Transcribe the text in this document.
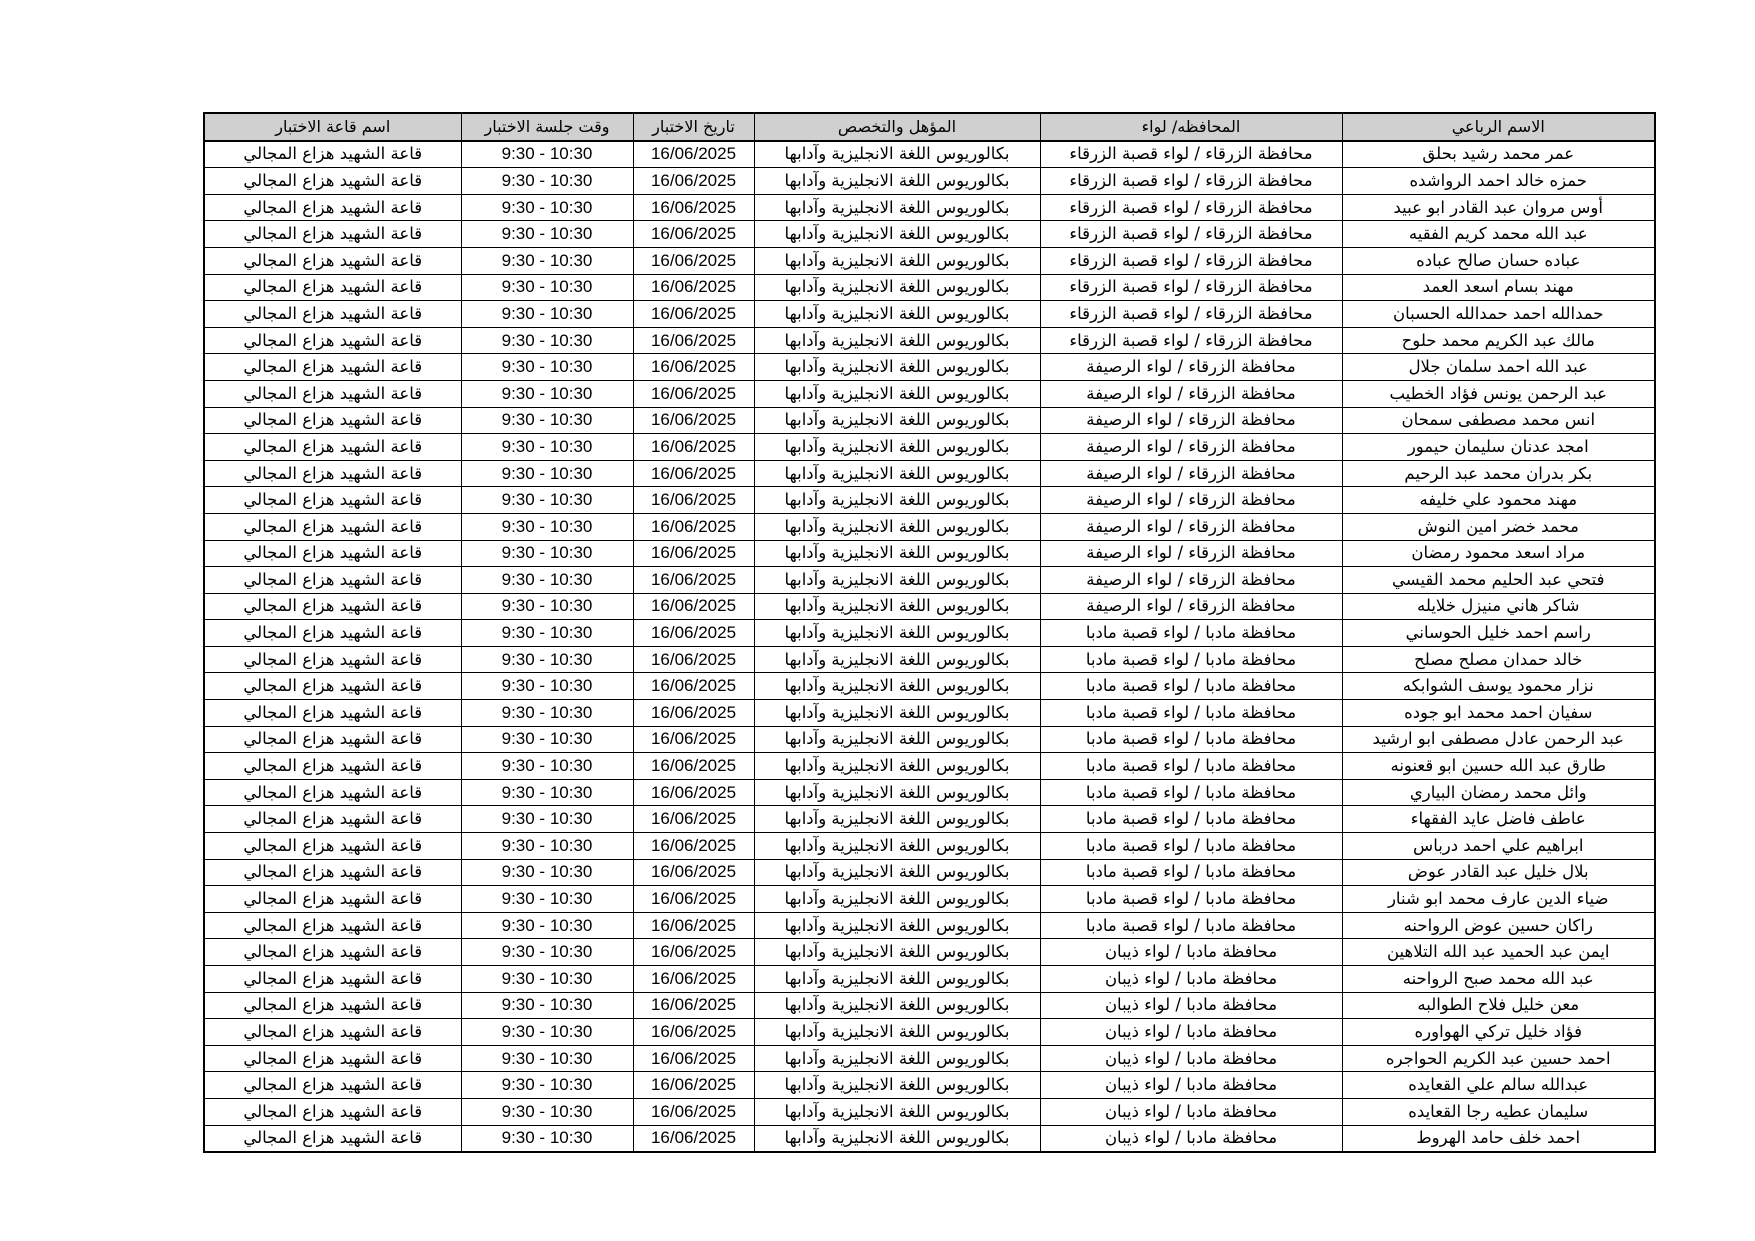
الاسم الرباعي	المحافظه/ لواء	المؤهل والتخصص	تاريخ الاختبار	وقت جلسة الاختبار	اسم قاعة الاختبار
عمر محمد رشيد بحلق	محافظة الزرقاء / لواء قصبة الزرقاء	بكالوريوس اللغة الانجليزية وآدابها	16/06/2025	9:30 - 10:30	قاعة الشهيد هزاع المجالي
حمزه خالد احمد الرواشده	محافظة الزرقاء / لواء قصبة الزرقاء	بكالوريوس اللغة الانجليزية وآدابها	16/06/2025	9:30 - 10:30	قاعة الشهيد هزاع المجالي
أوس مروان عبد القادر ابو عبيد	محافظة الزرقاء / لواء قصبة الزرقاء	بكالوريوس اللغة الانجليزية وآدابها	16/06/2025	9:30 - 10:30	قاعة الشهيد هزاع المجالي
عبد الله محمد كريم الفقيه	محافظة الزرقاء / لواء قصبة الزرقاء	بكالوريوس اللغة الانجليزية وآدابها	16/06/2025	9:30 - 10:30	قاعة الشهيد هزاع المجالي
عباده حسان صالح عباده	محافظة الزرقاء / لواء قصبة الزرقاء	بكالوريوس اللغة الانجليزية وآدابها	16/06/2025	9:30 - 10:30	قاعة الشهيد هزاع المجالي
مهند بسام اسعد العمد	محافظة الزرقاء / لواء قصبة الزرقاء	بكالوريوس اللغة الانجليزية وآدابها	16/06/2025	9:30 - 10:30	قاعة الشهيد هزاع المجالي
حمدالله احمد حمدالله الحسبان	محافظة الزرقاء / لواء قصبة الزرقاء	بكالوريوس اللغة الانجليزية وآدابها	16/06/2025	9:30 - 10:30	قاعة الشهيد هزاع المجالي
مالك عبد الكريم محمد حلوح	محافظة الزرقاء / لواء قصبة الزرقاء	بكالوريوس اللغة الانجليزية وآدابها	16/06/2025	9:30 - 10:30	قاعة الشهيد هزاع المجالي
عبد الله احمد سلمان جلال	محافظة الزرقاء / لواء الرصيفة	بكالوريوس اللغة الانجليزية وآدابها	16/06/2025	9:30 - 10:30	قاعة الشهيد هزاع المجالي
عبد الرحمن يونس فؤاد الخطيب	محافظة الزرقاء / لواء الرصيفة	بكالوريوس اللغة الانجليزية وآدابها	16/06/2025	9:30 - 10:30	قاعة الشهيد هزاع المجالي
انس محمد مصطفى سمحان	محافظة الزرقاء / لواء الرصيفة	بكالوريوس اللغة الانجليزية وآدابها	16/06/2025	9:30 - 10:30	قاعة الشهيد هزاع المجالي
امجد عدنان سليمان حيمور	محافظة الزرقاء / لواء الرصيفة	بكالوريوس اللغة الانجليزية وآدابها	16/06/2025	9:30 - 10:30	قاعة الشهيد هزاع المجالي
بكر بدران محمد عبد الرحيم	محافظة الزرقاء / لواء الرصيفة	بكالوريوس اللغة الانجليزية وآدابها	16/06/2025	9:30 - 10:30	قاعة الشهيد هزاع المجالي
مهند محمود علي خليفه	محافظة الزرقاء / لواء الرصيفة	بكالوريوس اللغة الانجليزية وآدابها	16/06/2025	9:30 - 10:30	قاعة الشهيد هزاع المجالي
محمد خضر امين النوش	محافظة الزرقاء / لواء الرصيفة	بكالوريوس اللغة الانجليزية وآدابها	16/06/2025	9:30 - 10:30	قاعة الشهيد هزاع المجالي
مراد اسعد محمود رمضان	محافظة الزرقاء / لواء الرصيفة	بكالوريوس اللغة الانجليزية وآدابها	16/06/2025	9:30 - 10:30	قاعة الشهيد هزاع المجالي
فتحي عبد الحليم محمد القيسي	محافظة الزرقاء / لواء الرصيفة	بكالوريوس اللغة الانجليزية وآدابها	16/06/2025	9:30 - 10:30	قاعة الشهيد هزاع المجالي
شاكر هاني منيزل خلايله	محافظة الزرقاء / لواء الرصيفة	بكالوريوس اللغة الانجليزية وآدابها	16/06/2025	9:30 - 10:30	قاعة الشهيد هزاع المجالي
راسم احمد خليل الحوساني	محافظة مادبا / لواء قصبة مادبا	بكالوريوس اللغة الانجليزية وآدابها	16/06/2025	9:30 - 10:30	قاعة الشهيد هزاع المجالي
خالد حمدان مصلح مصلح	محافظة مادبا / لواء قصبة مادبا	بكالوريوس اللغة الانجليزية وآدابها	16/06/2025	9:30 - 10:30	قاعة الشهيد هزاع المجالي
نزار محمود يوسف الشوابكه	محافظة مادبا / لواء قصبة مادبا	بكالوريوس اللغة الانجليزية وآدابها	16/06/2025	9:30 - 10:30	قاعة الشهيد هزاع المجالي
سفيان احمد محمد ابو جوده	محافظة مادبا / لواء قصبة مادبا	بكالوريوس اللغة الانجليزية وآدابها	16/06/2025	9:30 - 10:30	قاعة الشهيد هزاع المجالي
عبد الرحمن عادل مصطفى ابو ارشيد	محافظة مادبا / لواء قصبة مادبا	بكالوريوس اللغة الانجليزية وآدابها	16/06/2025	9:30 - 10:30	قاعة الشهيد هزاع المجالي
طارق عبد الله حسين ابو قعنونه	محافظة مادبا / لواء قصبة مادبا	بكالوريوس اللغة الانجليزية وآدابها	16/06/2025	9:30 - 10:30	قاعة الشهيد هزاع المجالي
وائل محمد رمضان البياري	محافظة مادبا / لواء قصبة مادبا	بكالوريوس اللغة الانجليزية وآدابها	16/06/2025	9:30 - 10:30	قاعة الشهيد هزاع المجالي
عاطف فاضل عايد الفقهاء	محافظة مادبا / لواء قصبة مادبا	بكالوريوس اللغة الانجليزية وآدابها	16/06/2025	9:30 - 10:30	قاعة الشهيد هزاع المجالي
ابراهيم علي احمد درباس	محافظة مادبا / لواء قصبة مادبا	بكالوريوس اللغة الانجليزية وآدابها	16/06/2025	9:30 - 10:30	قاعة الشهيد هزاع المجالي
بلال خليل عبد القادر عوض	محافظة مادبا / لواء قصبة مادبا	بكالوريوس اللغة الانجليزية وآدابها	16/06/2025	9:30 - 10:30	قاعة الشهيد هزاع المجالي
ضياء الدين عارف محمد ابو شنار	محافظة مادبا / لواء قصبة مادبا	بكالوريوس اللغة الانجليزية وآدابها	16/06/2025	9:30 - 10:30	قاعة الشهيد هزاع المجالي
راكان حسين عوض الرواحنه	محافظة مادبا / لواء قصبة مادبا	بكالوريوس اللغة الانجليزية وآدابها	16/06/2025	9:30 - 10:30	قاعة الشهيد هزاع المجالي
ايمن عبد الحميد عبد الله التلاهين	محافظة مادبا / لواء ذيبان	بكالوريوس اللغة الانجليزية وآدابها	16/06/2025	9:30 - 10:30	قاعة الشهيد هزاع المجالي
عبد الله محمد صبح الرواحنه	محافظة مادبا / لواء ذيبان	بكالوريوس اللغة الانجليزية وآدابها	16/06/2025	9:30 - 10:30	قاعة الشهيد هزاع المجالي
معن خليل فلاح الطوالبه	محافظة مادبا / لواء ذيبان	بكالوريوس اللغة الانجليزية وآدابها	16/06/2025	9:30 - 10:30	قاعة الشهيد هزاع المجالي
فؤاد خليل تركي الهواوره	محافظة مادبا / لواء ذيبان	بكالوريوس اللغة الانجليزية وآدابها	16/06/2025	9:30 - 10:30	قاعة الشهيد هزاع المجالي
احمد حسين عبد الكريم الحواجره	محافظة مادبا / لواء ذيبان	بكالوريوس اللغة الانجليزية وآدابها	16/06/2025	9:30 - 10:30	قاعة الشهيد هزاع المجالي
عبدالله سالم علي القعايده	محافظة مادبا / لواء ذيبان	بكالوريوس اللغة الانجليزية وآدابها	16/06/2025	9:30 - 10:30	قاعة الشهيد هزاع المجالي
سليمان عطيه رجا القعايده	محافظة مادبا / لواء ذيبان	بكالوريوس اللغة الانجليزية وآدابها	16/06/2025	9:30 - 10:30	قاعة الشهيد هزاع المجالي
احمد خلف حامد الهروط	محافظة مادبا / لواء ذيبان	بكالوريوس اللغة الانجليزية وآدابها	16/06/2025	9:30 - 10:30	قاعة الشهيد هزاع المجالي
